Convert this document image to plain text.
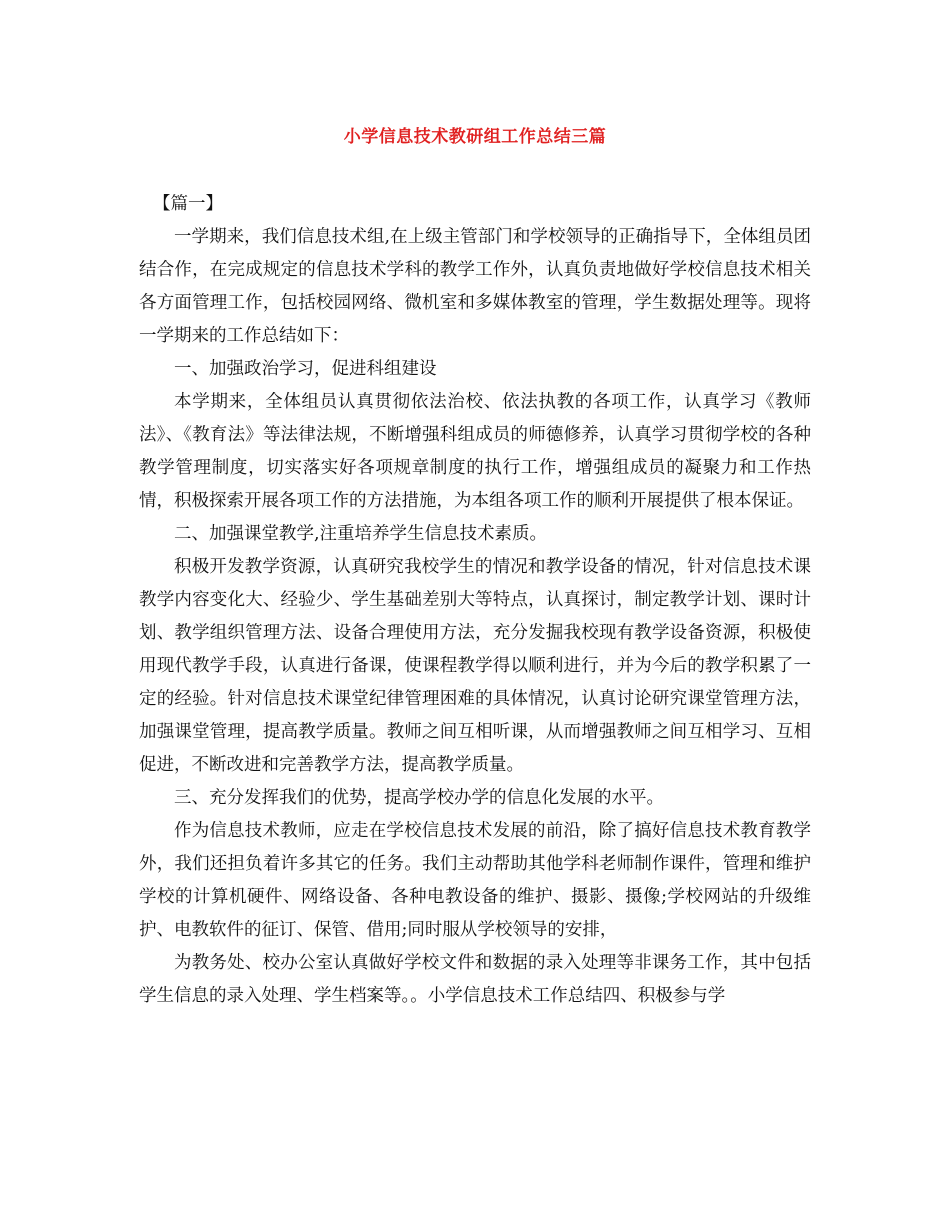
小学信息技术教研组工作总结三篇

【篇一】

一学期来，我们信息技术组,在上级主管部门和学校领导的正确指导下，全体组员团结合作，在完成规定的信息技术学科的教学工作外，认真负责地做好学校信息技术相关各方面管理工作，包括校园网络、微机室和多媒体教室的管理，学生数据处理等。现将一学期来的工作总结如下：

一、加强政治学习，促进科组建设

本学期来，全体组员认真贯彻依法治校、依法执教的各项工作，认真学习《教师法》、《教育法》等法律法规，不断增强科组成员的师德修养，认真学习贯彻学校的各种教学管理制度，切实落实好各项规章制度的执行工作，增强组成员的凝聚力和工作热情，积极探索开展各项工作的方法措施，为本组各项工作的顺利开展提供了根本保证。

二、加强课堂教学,注重培养学生信息技术素质。

积极开发教学资源，认真研究我校学生的情况和教学设备的情况，针对信息技术课教学内容变化大、经验少、学生基础差别大等特点，认真探讨，制定教学计划、课时计划、教学组织管理方法、设备合理使用方法，充分发掘我校现有教学设备资源，积极使用现代教学手段，认真进行备课，使课程教学得以顺利进行，并为今后的教学积累了一定的经验。针对信息技术课堂纪律管理困难的具体情况，认真讨论研究课堂管理方法，加强课堂管理，提高教学质量。教师之间互相听课，从而增强教师之间互相学习、互相促进，不断改进和完善教学方法，提高教学质量。

三、充分发挥我们的优势，提高学校办学的信息化发展的水平。

作为信息技术教师，应走在学校信息技术发展的前沿，除了搞好信息技术教育教学外，我们还担负着许多其它的任务。我们主动帮助其他学科老师制作课件，管理和维护学校的计算机硬件、网络设备、各种电教设备的维护、摄影、摄像;学校网站的升级维护、电教软件的征订、保管、借用;同时服从学校领导的安排，

为教务处、校办公室认真做好学校文件和数据的录入处理等非课务工作，其中包括学生信息的录入处理、学生档案等。。小学信息技术工作总结四、积极参与学
